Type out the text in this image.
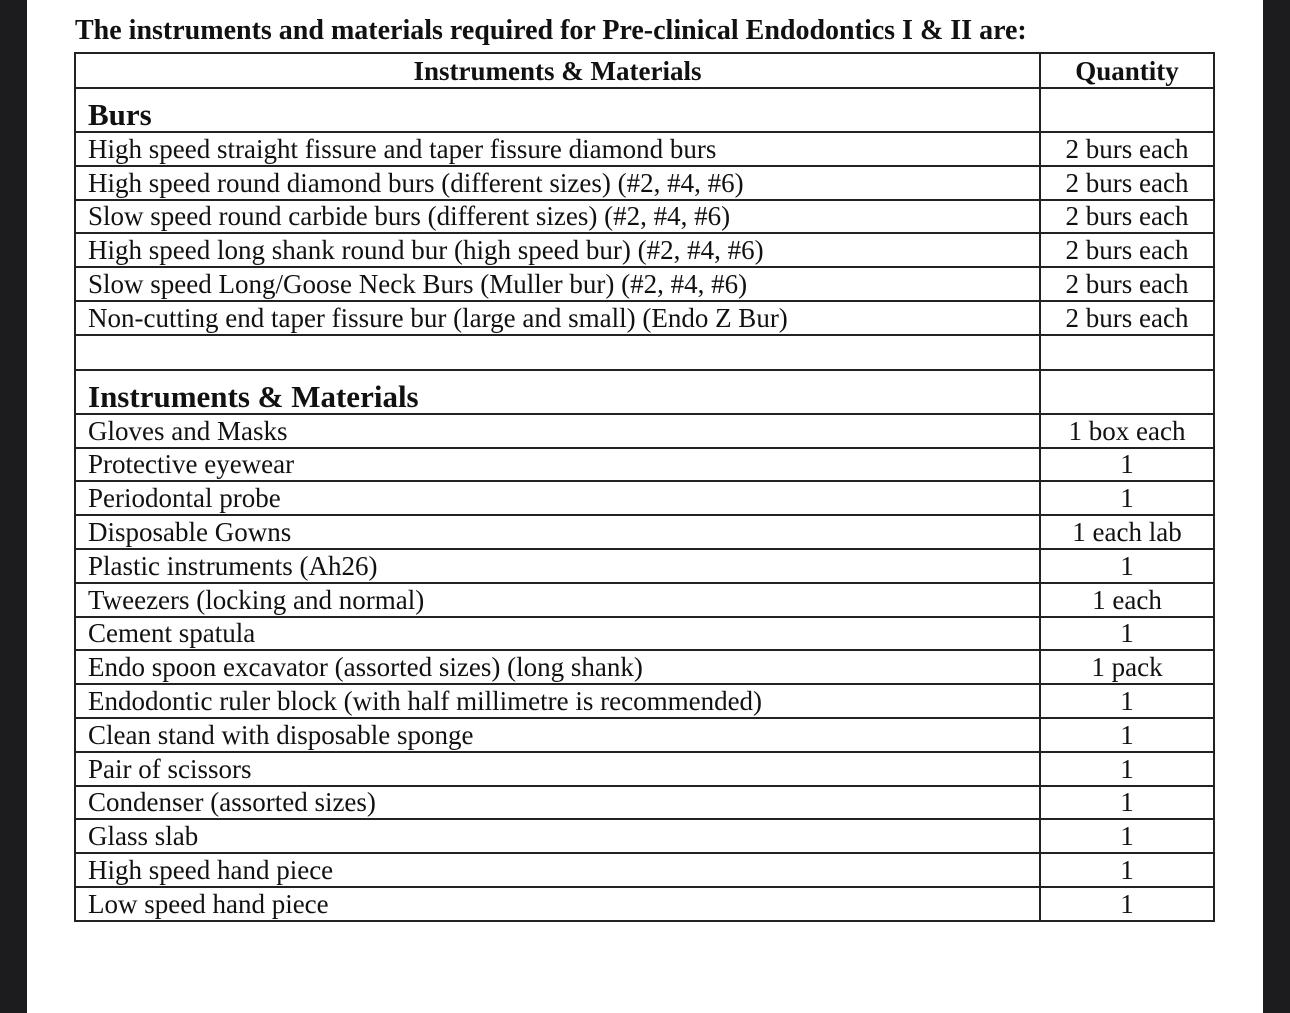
The instruments and materials required for Pre-clinical Endodontics I & II are:
Instruments & Materials	Quantity
Burs	
High speed straight fissure and taper fissure diamond burs	2 burs each
High speed round diamond burs (different sizes) (#2, #4, #6)	2 burs each
Slow speed round carbide burs (different sizes) (#2, #4, #6)	2 burs each
High speed long shank round bur (high speed bur) (#2, #4, #6)	2 burs each
Slow speed Long/Goose Neck Burs (Muller bur) (#2, #4, #6)	2 burs each
Non-cutting end taper fissure bur (large and small) (Endo Z Bur)	2 burs each

Instruments & Materials	
Gloves and Masks	1 box each
Protective eyewear	1
Periodontal probe	1
Disposable Gowns	1 each lab
Plastic instruments (Ah26)	1
Tweezers (locking and normal)	1 each
Cement spatula	1
Endo spoon excavator (assorted sizes) (long shank)	1 pack
Endodontic ruler block (with half millimetre is recommended)	1
Clean stand with disposable sponge	1
Pair of scissors	1
Condenser (assorted sizes)	1
Glass slab	1
High speed hand piece	1
Low speed hand piece	1
